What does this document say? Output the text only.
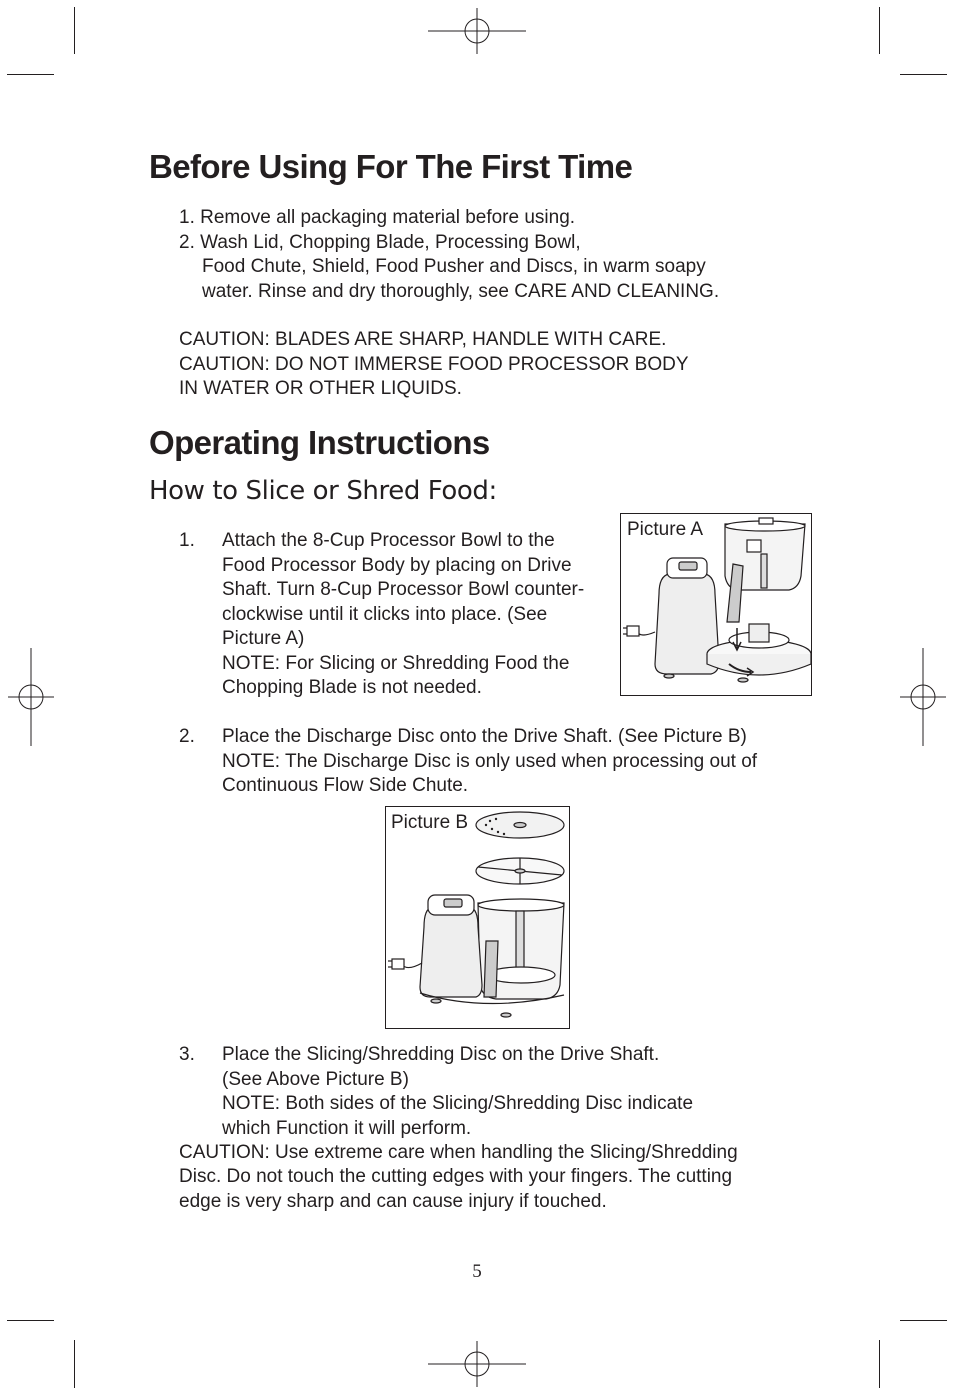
Before Using For The First Time
1. Remove all packaging material before using.
2. Wash Lid, Chopping Blade, Processing Bowl,
Food Chute, Shield, Food Pusher and Discs, in warm soapy
water. Rinse and dry thoroughly, see CARE AND CLEANING.
CAUTION: BLADES ARE SHARP, HANDLE WITH CARE.
CAUTION: DO NOT IMMERSE FOOD PROCESSOR BODY
IN WATER OR OTHER LIQUIDS.
Operating Instructions
How to Slice or Shred Food:
1. Attach the 8-Cup Processor Bowl to the
Food Processor Body by placing on Drive
Shaft. Turn 8-Cup Processor Bowl counter-
clockwise until it clicks into place. (See
Picture A)
NOTE: For Slicing or Shredding Food the
Chopping Blade is not needed.
Picture A
2. Place the Discharge Disc onto the Drive Shaft. (See Picture B)
NOTE: The Discharge Disc is only used when processing out of
Continuous Flow Side Chute.
Picture B
3. Place the Slicing/Shredding Disc on the Drive Shaft.
(See Above Picture B)
NOTE: Both sides of the Slicing/Shredding Disc indicate
which Function it will perform.
CAUTION: Use extreme care when handling the Slicing/Shredding
Disc. Do not touch the cutting edges with your fingers. The cutting
edge is very sharp and can cause injury if touched.
5
